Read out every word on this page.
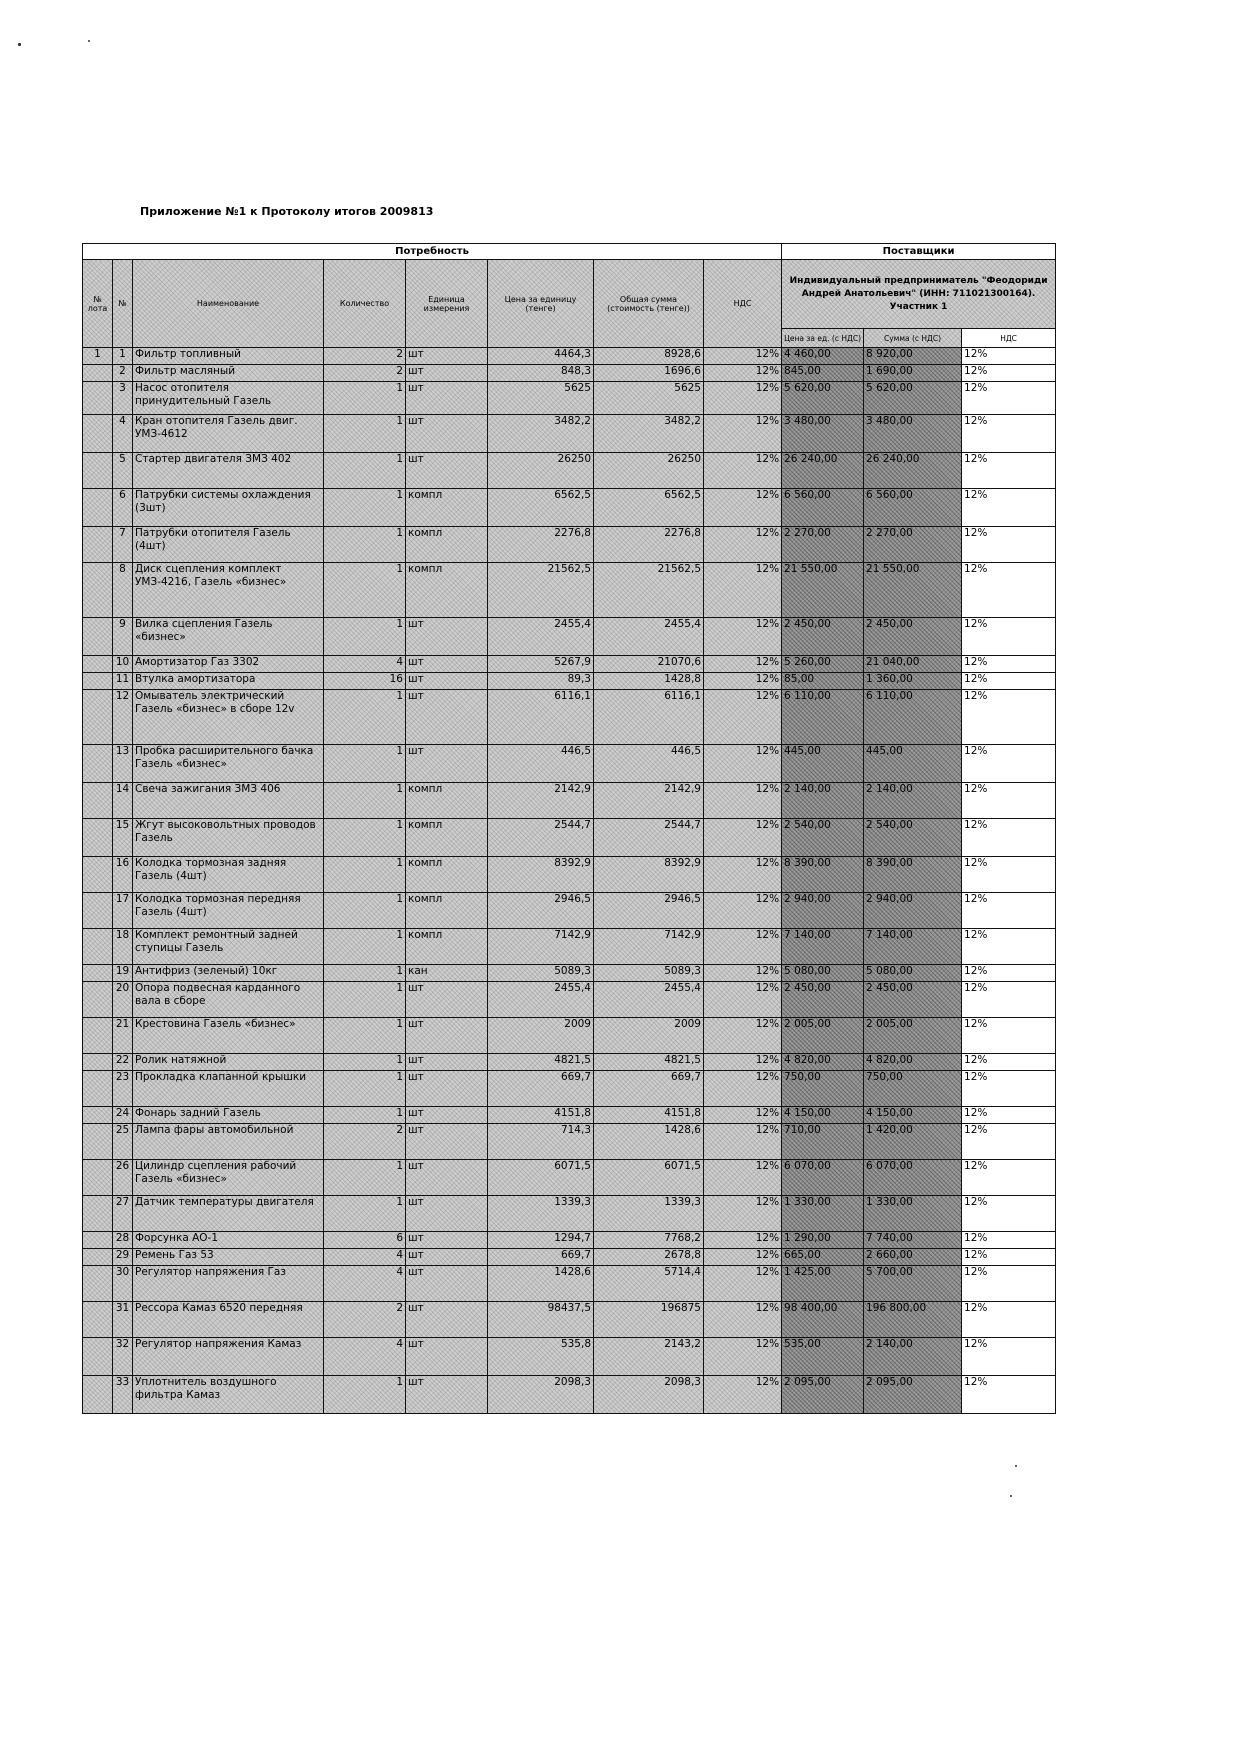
Приложение №1 к Протоколу итогов 2009813
Потребность								Поставщики		
№ лота	№	Наименование	Количество	Единица измерения	Цена за единицу (тенге)	Общая сумма (стоимость (тенге))	НДС	Индивидуальный предприниматель "Феодориди Андрей Анатольевич" (ИНН: 711021300164). Участник 1		
								Цена за ед. (с НДС)	Сумма (с НДС)	НДС
1	1	Фильтр топливный	2	шт	4464,3	8928,6	12%	4 460,00	8 920,00	12%
	2	Фильтр масляный	2	шт	848,3	1696,6	12%	845,00	1 690,00	12%
	3	Насос отопителя принудительный Газель	1	шт	5625	5625	12%	5 620,00	5 620,00	12%
	4	Кран отопителя Газель двиг. УМЗ-4612	1	шт	3482,2	3482,2	12%	3 480,00	3 480,00	12%
	5	Стартер двигателя ЗМЗ 402	1	шт	26250	26250	12%	26 240,00	26 240,00	12%
	6	Патрубки системы охлаждения (3шт)	1	компл	6562,5	6562,5	12%	6 560,00	6 560,00	12%
	7	Патрубки отопителя Газель (4шт)	1	компл	2276,8	2276,8	12%	2 270,00	2 270,00	12%
	8	Диск сцепления комплект УМЗ-4216, Газель «бизнес»	1	компл	21562,5	21562,5	12%	21 550,00	21 550,00	12%
	9	Вилка сцепления Газель «бизнес»	1	шт	2455,4	2455,4	12%	2 450,00	2 450,00	12%
	10	Амортизатор Газ 3302	4	шт	5267,9	21070,6	12%	5 260,00	21 040,00	12%
	11	Втулка амортизатора	16	шт	89,3	1428,8	12%	85,00	1 360,00	12%
	12	Омыватель электрический Газель «бизнес» в сборе 12v	1	шт	6116,1	6116,1	12%	6 110,00	6 110,00	12%
	13	Пробка расширительного бачка Газель «бизнес»	1	шт	446,5	446,5	12%	445,00	445,00	12%
	14	Свеча зажигания ЗМЗ 406	1	компл	2142,9	2142,9	12%	2 140,00	2 140,00	12%
	15	Жгут высоковольтных проводов Газель	1	компл	2544,7	2544,7	12%	2 540,00	2 540,00	12%
	16	Колодка тормозная задняя Газель (4шт)	1	компл	8392,9	8392,9	12%	8 390,00	8 390,00	12%
	17	Колодка тормозная передняя Газель (4шт)	1	компл	2946,5	2946,5	12%	2 940,00	2 940,00	12%
	18	Комплект ремонтный задней ступицы Газель	1	компл	7142,9	7142,9	12%	7 140,00	7 140,00	12%
	19	Антифриз (зеленый) 10кг	1	кан	5089,3	5089,3	12%	5 080,00	5 080,00	12%
	20	Опора подвесная карданного вала в сборе	1	шт	2455,4	2455,4	12%	2 450,00	2 450,00	12%
	21	Крестовина Газель «бизнес»	1	шт	2009	2009	12%	2 005,00	2 005,00	12%
	22	Ролик натяжной	1	шт	4821,5	4821,5	12%	4 820,00	4 820,00	12%
	23	Прокладка клапанной крышки	1	шт	669,7	669,7	12%	750,00	750,00	12%
	24	Фонарь задний Газель	1	шт	4151,8	4151,8	12%	4 150,00	4 150,00	12%
	25	Лампа фары автомобильной	2	шт	714,3	1428,6	12%	710,00	1 420,00	12%
	26	Цилиндр сцепления рабочий Газель «бизнес»	1	шт	6071,5	6071,5	12%	6 070,00	6 070,00	12%
	27	Датчик температуры двигателя	1	шт	1339,3	1339,3	12%	1 330,00	1 330,00	12%
	28	Форсунка АО-1	6	шт	1294,7	7768,2	12%	1 290,00	7 740,00	12%
	29	Ремень Газ 53	4	шт	669,7	2678,8	12%	665,00	2 660,00	12%
	30	Регулятор напряжения Газ	4	шт	1428,6	5714,4	12%	1 425,00	5 700,00	12%
	31	Рессора Камаз 6520 передняя	2	шт	98437,5	196875	12%	98 400,00	196 800,00	12%
	32	Регулятор напряжения Камаз	4	шт	535,8	2143,2	12%	535,00	2 140,00	12%
	33	Уплотнитель воздушного фильтра Камаз	1	шт	2098,3	2098,3	12%	2 095,00	2 095,00	12%
